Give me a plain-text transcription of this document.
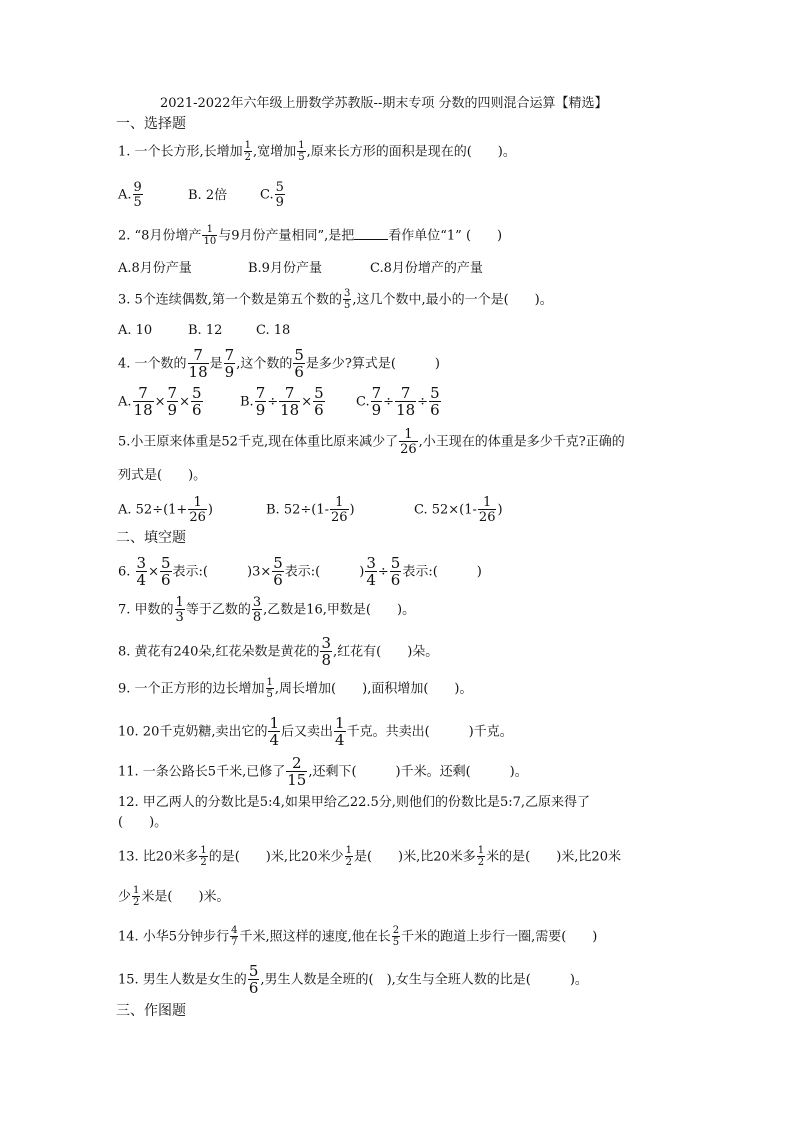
2021-2022年六年级上册数学苏教版--期末专项 分数的四则混合运算【精选】
一、选择题
1. 一个长方形,长增加 $\frac{1}{2}$ ,宽增加 $\frac{1}{5}$ ,原来长方形的面积是现在的(　　)。
A. $\frac{9}{5}$	B. 2倍	C. $\frac{5}{9}$
2. “8月份增产 $\frac{1}{10}$ 与9月份产量相同”,是把	看作单位“1” (　　)
A.8月份产量	B.9月份产量	C.8月份增产的产量
3. 5个连续偶数,第一个数是第五个数的 $\frac{3}{5}$ ,这几个数中,最小的一个是(　　)。
A. 10	B. 12	C. 18
4. 一个数的 $\frac{7}{18}$ 是 $\frac{7}{9}$ ,这个数的 $\frac{5}{6}$ 是多少?算式是(　　　)
A. $\frac{7}{18} \times \frac{7}{9} \times \frac{5}{6}$	B. $\frac{7}{9} \div \frac{7}{18} \times \frac{5}{6} C$. $\frac{7}{9} \div \frac{7}{18} \div \frac{5}{6}$
5.小王原来体重是52千克,现在体重比原来减少了 $\frac{1}{26}$ ,小王现在的体重是多少千克?正确的
列式是(　　)。
A. $52\div(1+ \frac{1}{26}$ )	B. $52\div(1- \frac{1}{26}$ )	C. $52\times(1- \frac{1}{26}$ )
二、填空题
6. $\frac{3}{4} \times \frac{5}{6}$ 表示:(　　　)$3\times \frac{5}{6}$ 表示:(　　　) $\frac{3}{4} \div \frac{5}{6}$ 表示:(　　　)
7. 甲数的 $\frac{1}{3}$ 等于乙数的 $\frac{3}{8}$ ,乙数是16,甲数是(　　)。
8. 黄花有240朵,红花朵数是黄花的 $\frac{3}{8}$ ,红花有(　　)朵。
9. 一个正方形的边长增加 $\frac{1}{5}$ ,周长增加(　　),面积增加(　　)。
10. 20千克奶糖,卖出它的 $\frac{1}{4}$ 后又卖出 $\frac{1}{4}$ 千克。共卖出(　　　)千克。
11. 一条公路长5千米,已修了 $\frac{2}{15}$ ,还剩下(　　　)千米。还剩(　　　)。
12. 甲乙两人的分数比是5:4,如果甲给乙22.5分,则他们的份数比是5:7,乙原来得了
(　　)。
13. 比20米多 $\frac{1}{2}$ 的是(　　)米,比20米少 $\frac{1}{2}$ 是(　　)米,比20米多 $\frac{1}{2}$ 米的是(　　)米,比20米
少 $\frac{1}{2}$ 米是(　　)米。
14. 小华5分钟步行 $\frac{4}{7}$ 千米,照这样的速度,他在长 $\frac{2}{5}$ 千米的跑道上步行一圈,需要(　　)
15. 男生人数是女生的 $\frac{5}{6}$ ,男生人数是全班的(　),女生与全班人数的比是(　　　)。
三、作图题
